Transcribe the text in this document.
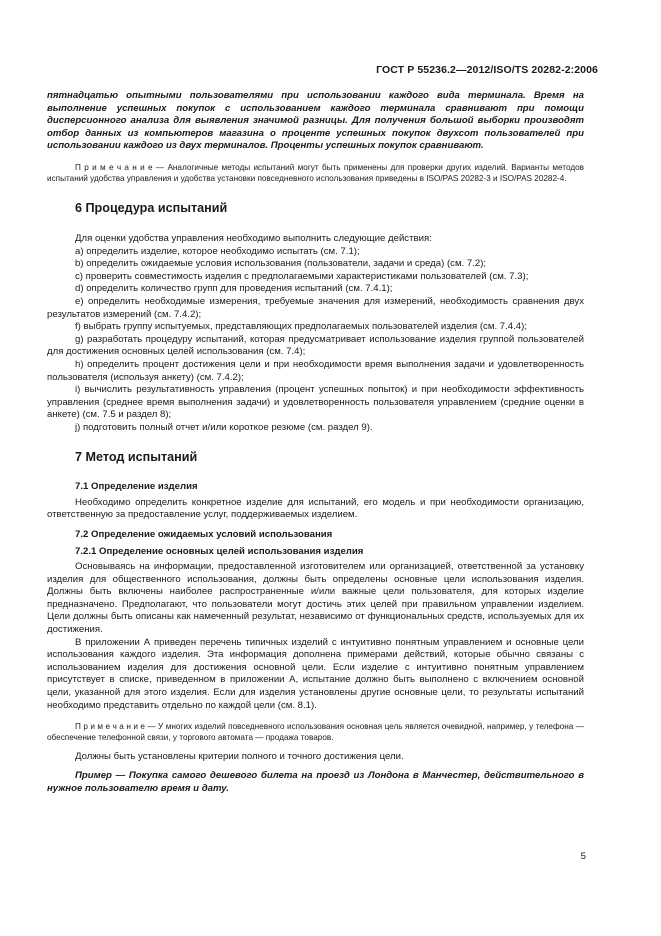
ГОСТ Р 55236.2—2012/ISO/TS 20282-2:2006

пятнадцатью опытными пользователями при использовании каждого вида терминала. Время на выполнение успешных покупок с использованием каждого терминала сравнивают при помощи дисперсионного анализа для выявления значимой разницы. Для получения большой выборки производят отбор данных из компьютеров магазина о проценте успешных покупок двухсот пользователей при использовании каждого из двух терминалов. Проценты успешных покупок сравнивают.

П р и м е ч а н и е — Аналогичные методы испытаний могут быть применены для проверки других изделий. Варианты методов испытаний удобства управления и удобства установки повседневного использования приведены в ISO/PAS 20282-3 и ISO/PAS 20282-4.

6 Процедура испытаний

Для оценки удобства управления необходимо выполнить следующие действия:

a) определить изделие, которое необходимо испытать (см. 7.1);

b) определить ожидаемые условия использования (пользователи, задачи и среда) (см. 7.2);

c) проверить совместимость изделия с предполагаемыми характеристиками пользователей (см. 7.3);

d) определить количество групп для проведения испытаний (см. 7.4.1);

e) определить необходимые измерения, требуемые значения для измерений, необходимость сравнения двух результатов измерений (см. 7.4.2);

f) выбрать группу испытуемых, представляющих предполагаемых пользователей изделия (см. 7.4.4);

g) разработать процедуру испытаний, которая предусматривает использование изделия группой пользователей для достижения основных целей использования (см. 7.4);

h) определить процент достижения цели и при необходимости время выполнения задачи и удовлетворенность пользователя (используя анкету) (см. 7.4.2);

i) вычислить результативность управления (процент успешных попыток) и при необходимости эффективность управления (среднее время выполнения задачи) и удовлетворенность пользователя управлением (средние оценки в анкете) (см. 7.5 и раздел 8);

j) подготовить полный отчет и/или короткое резюме (см. раздел 9).

7 Метод испытаний

7.1 Определение изделия

Необходимо определить конкретное изделие для испытаний, его модель и при необходимости организацию, ответственную за предоставление услуг, поддерживаемых изделием.

7.2 Определение ожидаемых условий использования

7.2.1 Определение основных целей использования изделия

Основываясь на информации, предоставленной изготовителем или организацией, ответственной за установку изделия для общественного использования, должны быть определены основные цели использования изделия. Должны быть включены наиболее распространенные и/или важные цели пользователя, для которых изделие предназначено. Предполагают, что пользователи могут достичь этих целей при правильном управлении изделием. Цели должны быть описаны как намеченный результат, независимо от функциональных средств, используемых для их достижения.

В приложении А приведен перечень типичных изделий с интуитивно понятным управлением и основные цели использования каждого изделия. Эта информация дополнена примерами действий, которые обычно связаны с использованием изделия для достижения основной цели. Если изделие с интуитивно понятным управлением присутствует в списке, приведенном в приложении А, испытание должно быть выполнено с включением основной цели, указанной для этого изделия. Если для изделия установлены другие основные цели, то результаты испытаний необходимо представить отдельно по каждой цели (см. 8.1).

П р и м е ч а н и е — У многих изделий повседневного использования основная цель является очевидной, например, у телефона — обеспечение телефонной связи, у торгового автомата — продажа товаров.

Должны быть установлены критерии полного и точного достижения цели.

Пример — Покупка самого дешевого билета на проезд из Лондона в Манчестер, действительного в нужное пользователю время и дату.

5
